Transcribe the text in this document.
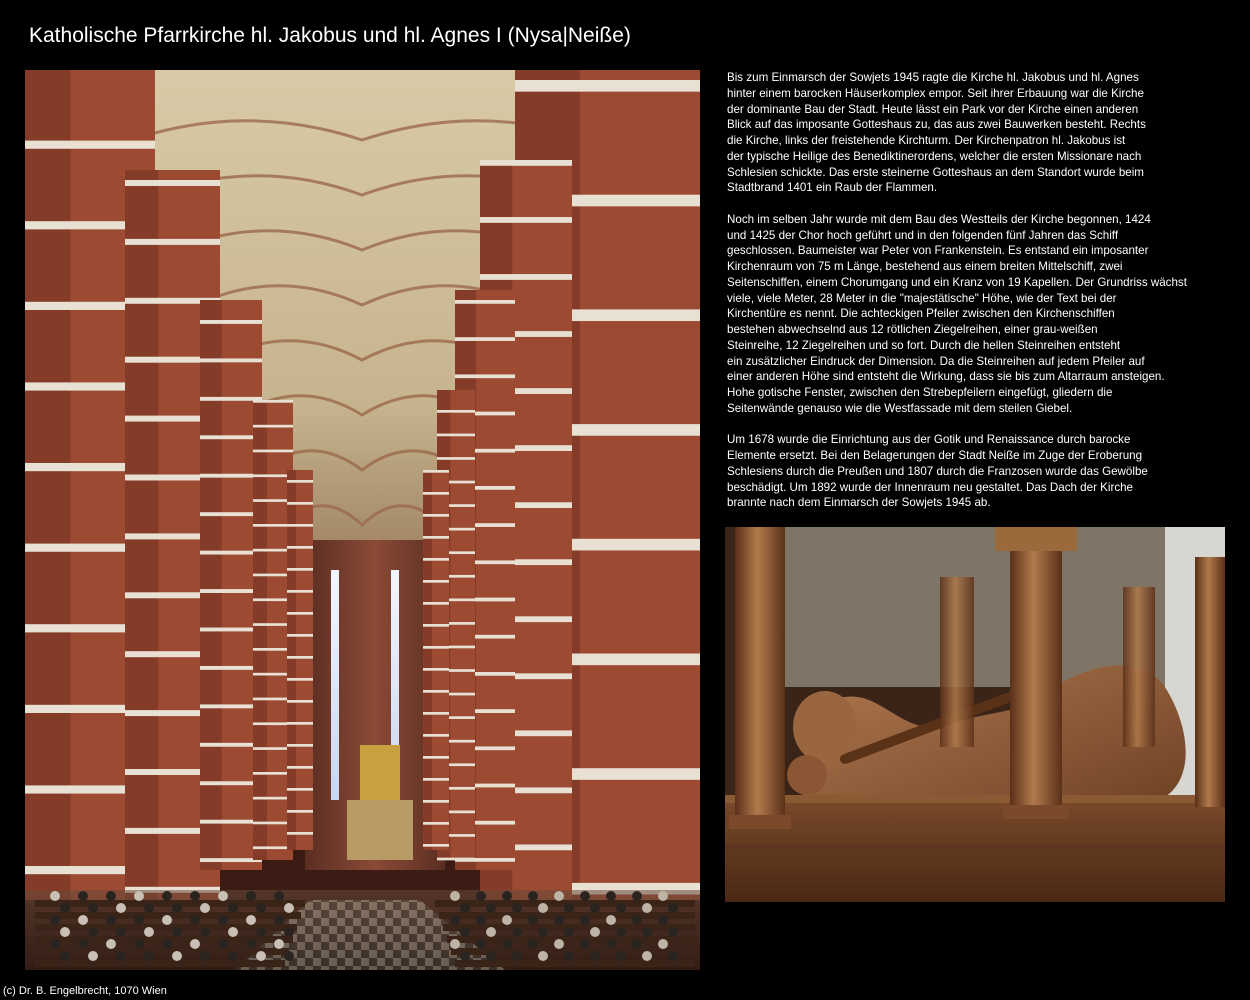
Katholische Pfarrkirche hl. Jakobus und hl. Agnes I (Nysa|Neiße)
Bis zum Einmarsch der Sowjets 1945 ragte die Kirche hl. Jakobus und hl. Agnes
hinter einem barocken Häuserkomplex empor. Seit ihrer Erbauung war die Kirche
der dominante Bau der Stadt. Heute lässt ein Park vor der Kirche einen anderen
Blick auf das imposante Gotteshaus zu, das aus zwei Bauwerken besteht. Rechts
die Kirche, links der freistehende Kirchturm. Der Kirchenpatron hl. Jakobus ist
der typische Heilige des Benediktinerordens, welcher die ersten Missionare nach
Schlesien schickte. Das erste steinerne Gotteshaus an dem Standort wurde beim
Stadtbrand 1401 ein Raub der Flammen.
Noch im selben Jahr wurde mit dem Bau des Westteils der Kirche begonnen, 1424
und 1425 der Chor hoch geführt und in den folgenden fünf Jahren das Schiff
geschlossen. Baumeister war Peter von Frankenstein. Es entstand ein imposanter
Kirchenraum von 75 m Länge, bestehend aus einem breiten Mittelschiff, zwei
Seitenschiffen, einem Chorumgang und ein Kranz von 19 Kapellen. Der Grundriss wächst
viele, viele Meter, 28 Meter in die "majestätische" Höhe, wie der Text bei der
Kirchentüre es nennt. Die achteckigen Pfeiler zwischen den Kirchenschiffen
bestehen abwechselnd aus 12 rötlichen Ziegelreihen, einer grau-weißen
Steinreihe, 12 Ziegelreihen und so fort. Durch die hellen Steinreihen entsteht
ein zusätzlicher Eindruck der Dimension. Da die Steinreihen auf jedem Pfeiler auf
einer anderen Höhe sind entsteht die Wirkung, dass sie bis zum Altarraum ansteigen.
Hohe gotische Fenster, zwischen den Strebepfeilern eingefügt, gliedern die
Seitenwände genauso wie die Westfassade mit dem steilen Giebel.
Um 1678 wurde die Einrichtung aus der Gotik und Renaissance durch barocke
Elemente ersetzt. Bei den Belagerungen der Stadt Neiße im Zuge der Eroberung
Schlesiens durch die Preußen und 1807 durch die Franzosen wurde das Gewölbe
beschädigt. Um 1892 wurde der Innenraum neu gestaltet. Das Dach der Kirche
brannte nach dem Einmarsch der Sowjets 1945 ab.
(c) Dr. B. Engelbrecht, 1070 Wien
